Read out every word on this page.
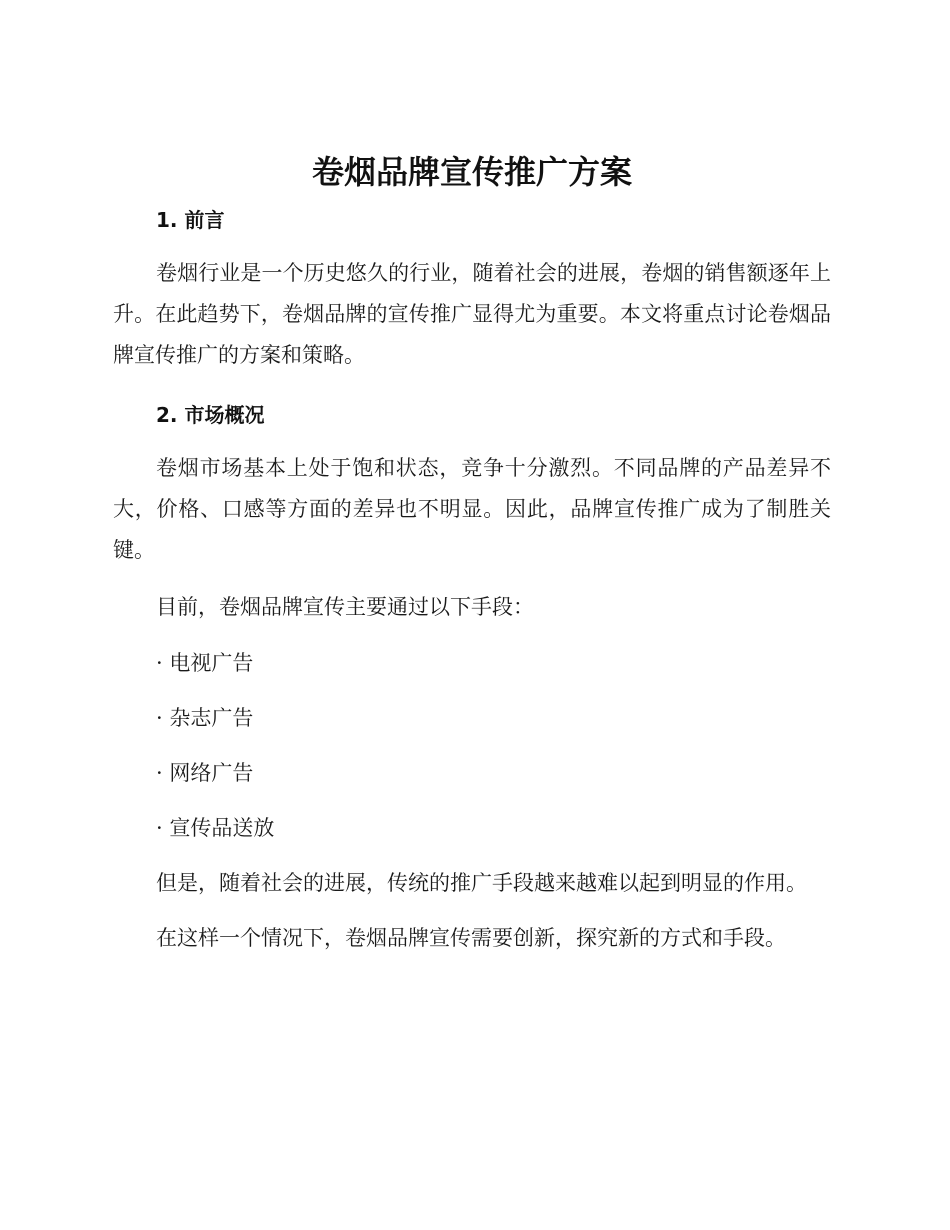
卷烟品牌宣传推广方案
1. 前言

卷烟行业是一个历史悠久的行业，随着社会的进展，卷烟的销售额逐年上升。在此趋势下，卷烟品牌的宣传推广显得尤为重要。本文将重点讨论卷烟品牌宣传推广的方案和策略。

2. 市场概况

卷烟市场基本上处于饱和状态，竞争十分激烈。不同品牌的产品差异不大，价格、口感等方面的差异也不明显。因此，品牌宣传推广成为了制胜关键。

目前，卷烟品牌宣传主要通过以下手段：

· 电视广告

· 杂志广告

· 网络广告

· 宣传品送放

但是，随着社会的进展，传统的推广手段越来越难以起到明显的作用。

在这样一个情况下，卷烟品牌宣传需要创新，探究新的方式和手段。
